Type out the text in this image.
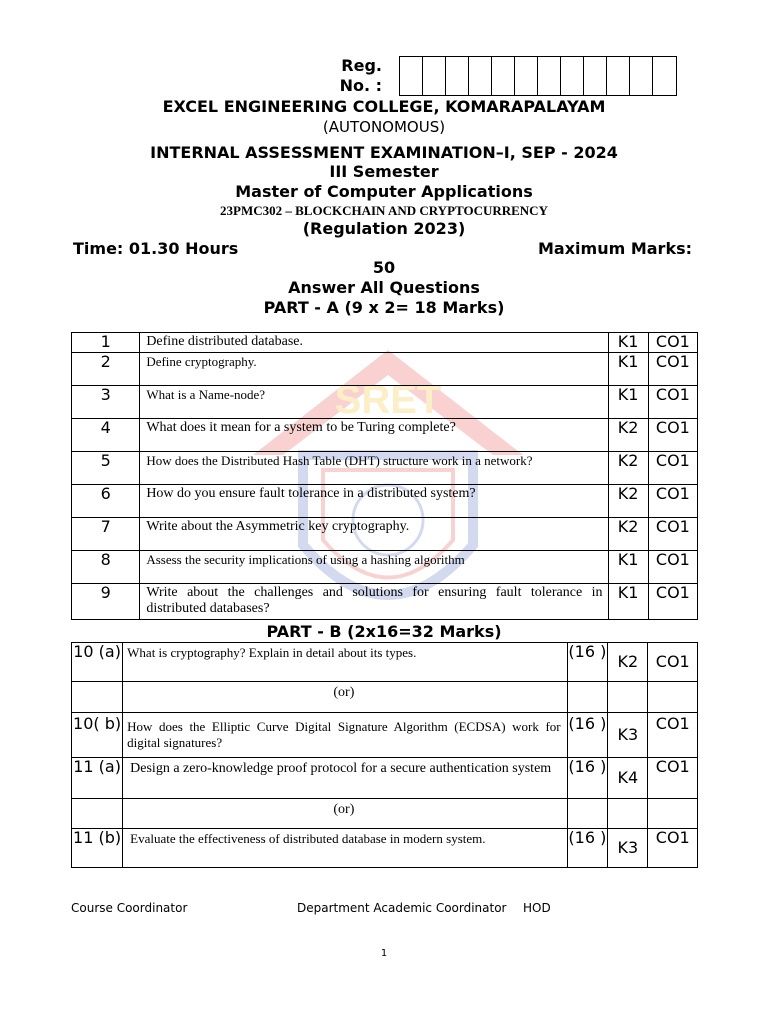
SRET
Reg. No. :
EXCEL ENGINEERING COLLEGE, KOMARAPALAYAM
(AUTONOMOUS)
INTERNAL ASSESSMENT EXAMINATION–I, SEP - 2024
III Semester
Master of Computer Applications
23PMC302 – BLOCKCHAIN AND CRYPTOCURRENCY
(Regulation 2023)
Time: 01.30 Hours	Maximum Marks:
50
Answer All Questions
PART - A (9 x 2= 18 Marks)
1	Define distributed database.	K1	CO1
2	Define cryptography.	K1	CO1
3	What is a Name-node?	K1	CO1
4	What does it mean for a system to be Turing complete?	K2	CO1
5	How does the Distributed Hash Table (DHT) structure work in a network?	K2	CO1
6	How do you ensure fault tolerance in a distributed system?	K2	CO1
7	Write about the Asymmetric key cryptography.	K2	CO1
8	Assess the security implications of using a hashing algorithm	K1	CO1
9	Write about the challenges and solutions for ensuring fault tolerance in distributed databases?	K1	CO1
PART - B (2x16=32 Marks)
10 (a)	What is cryptography? Explain in detail about its types.	(16 )	K2	CO1
	(or)			
10( b)	How does the Elliptic Curve Digital Signature Algorithm (ECDSA) work for digital signatures?	(16 )	K3	CO1
11 (a)	Design a zero-knowledge proof protocol for a secure authentication system	(16 )	K4	CO1
	(or)			
11 (b)	Evaluate the effectiveness of distributed database in modern system.	(16 )	K3	CO1
Course Coordinator	Department Academic Coordinator HOD
1
